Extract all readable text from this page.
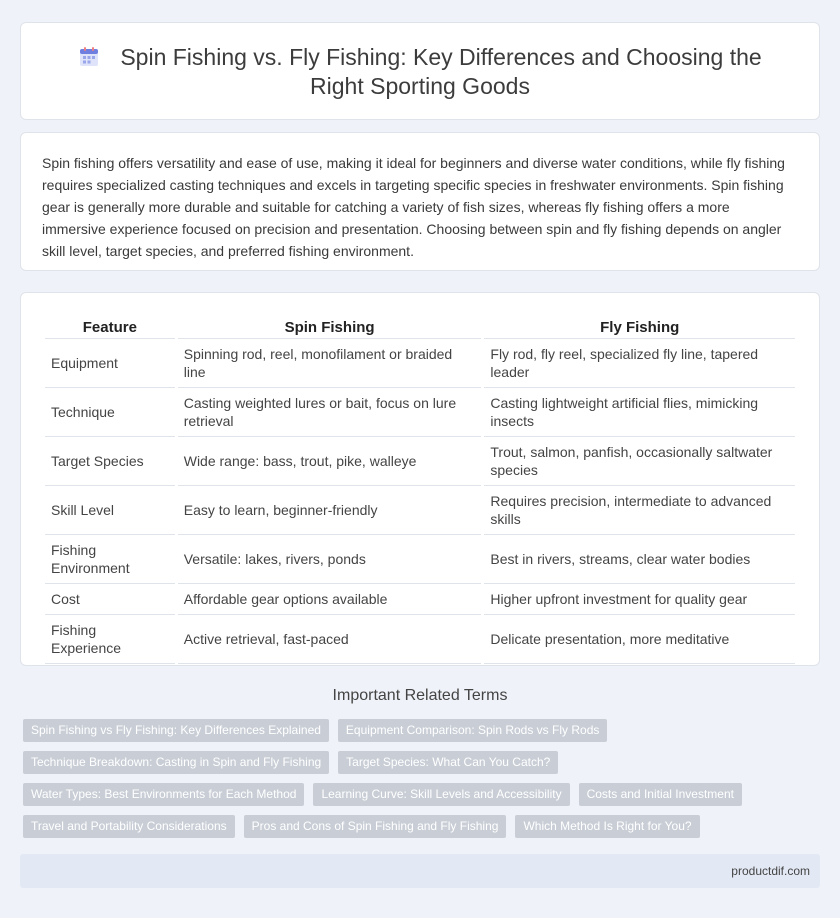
Spin Fishing vs. Fly Fishing: Key Differences and Choosing the Right Sporting Goods

Spin fishing offers versatility and ease of use, making it ideal for beginners and diverse water conditions, while fly fishing requires specialized casting techniques and excels in targeting specific species in freshwater environments. Spin fishing gear is generally more durable and suitable for catching a variety of fish sizes, whereas fly fishing offers a more immersive experience focused on precision and presentation. Choosing between spin and fly fishing depends on angler skill level, target species, and preferred fishing environment.

Feature	Spin Fishing	Fly Fishing
Equipment	Spinning rod, reel, monofilament or braided line	Fly rod, fly reel, specialized fly line, tapered leader
Technique	Casting weighted lures or bait, focus on lure retrieval	Casting lightweight artificial flies, mimicking insects
Target Species	Wide range: bass, trout, pike, walleye	Trout, salmon, panfish, occasionally saltwater species
Skill Level	Easy to learn, beginner-friendly	Requires precision, intermediate to advanced skills
Fishing Environment	Versatile: lakes, rivers, ponds	Best in rivers, streams, clear water bodies
Cost	Affordable gear options available	Higher upfront investment for quality gear
Fishing Experience	Active retrieval, fast-paced	Delicate presentation, more meditative
Important Related Terms
Spin Fishing vs Fly Fishing: Key Differences Explained	Equipment Comparison: Spin Rods vs Fly Rods
Technique Breakdown: Casting in Spin and Fly Fishing	Target Species: What Can You Catch?
Water Types: Best Environments for Each Method	Learning Curve: Skill Levels and Accessibility	Costs and Initial Investment
Travel and Portability Considerations	Pros and Cons of Spin Fishing and Fly Fishing	Which Method Is Right for You?
productdif.com
